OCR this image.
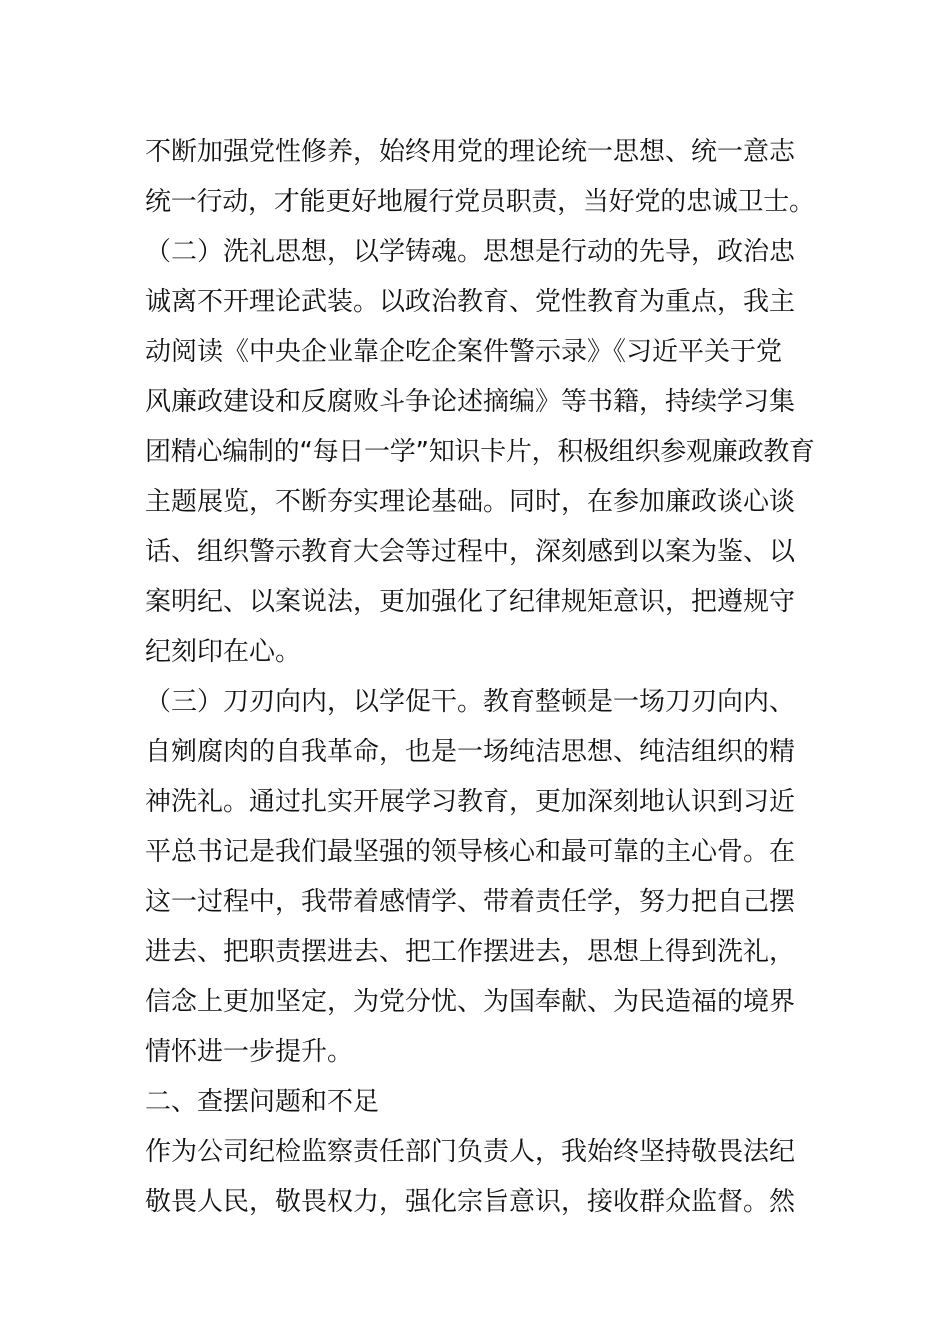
不断加强党性修养，始终用党的理论统一思想、统一意志
统一行动，才能更好地履行党员职责，当好党的忠诚卫士。
（二）洗礼思想，以学铸魂。思想是行动的先导，政治忠
诚离不开理论武装。以政治教育、党性教育为重点，我主
动阅读《中央企业靠企吃企案件警示录》《习近平关于党
风廉政建设和反腐败斗争论述摘编》等书籍，持续学习集
团精心编制的“每日一学”知识卡片，积极组织参观廉政教育
主题展览，不断夯实理论基础。同时，在参加廉政谈心谈
话、组织警示教育大会等过程中，深刻感到以案为鉴、以
案明纪、以案说法，更加强化了纪律规矩意识，把遵规守
纪刻印在心。
（三）刀刃向内，以学促干。教育整顿是一场刀刃向内、
自剜腐肉的自我革命，也是一场纯洁思想、纯洁组织的精
神洗礼。通过扎实开展学习教育，更加深刻地认识到习近
平总书记是我们最坚强的领导核心和最可靠的主心骨。在
这一过程中，我带着感情学、带着责任学，努力把自己摆
进去、把职责摆进去、把工作摆进去，思想上得到洗礼，
信念上更加坚定，为党分忧、为国奉献、为民造福的境界
情怀进一步提升。
二、查摆问题和不足
作为公司纪检监察责任部门负责人，我始终坚持敬畏法纪
敬畏人民，敬畏权力，强化宗旨意识，接收群众监督。然
